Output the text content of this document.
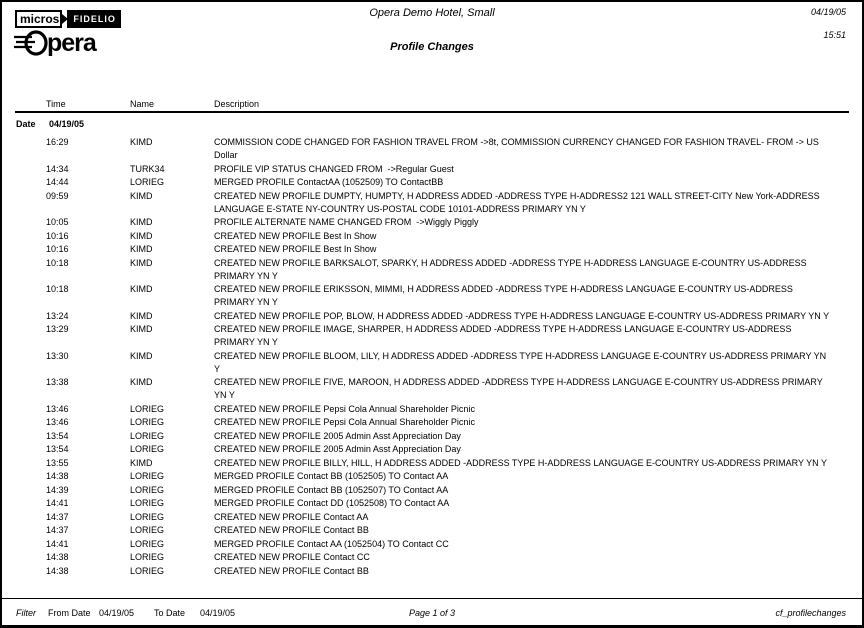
micros	FIDELIO
pera
Opera Demo Hotel, Small
Profile Changes
04/19/05
15:51
Time	Name	Description
Date 04/19/05
16:29	KIMD	COMMISSION CODE CHANGED FOR FASHION TRAVEL FROM ->8t, COMMISSION CURRENCY CHANGED FOR FASHION TRAVEL- FROM -> US Dollar
14:34	TURK34	PROFILE VIP STATUS CHANGED FROM  ->Regular Guest
14:44	LORIEG	MERGED PROFILE ContactAA (1052509) TO ContactBB
09:59	KIMD	CREATED NEW PROFILE DUMPTY, HUMPTY, H ADDRESS ADDED -ADDRESS TYPE H-ADDRESS2 121 WALL STREET-CITY New York-ADDRESS LANGUAGE E-STATE NY-COUNTRY US-POSTAL CODE 10101-ADDRESS PRIMARY YN Y
10:05	KIMD	PROFILE ALTERNATE NAME CHANGED FROM  ->Wiggly Piggly
10:16	KIMD	CREATED NEW PROFILE Best In Show
10:16	KIMD	CREATED NEW PROFILE Best In Show
10:18	KIMD	CREATED NEW PROFILE BARKSALOT, SPARKY, H ADDRESS ADDED -ADDRESS TYPE H-ADDRESS LANGUAGE E-COUNTRY US-ADDRESS PRIMARY YN Y
10:18	KIMD	CREATED NEW PROFILE ERIKSSON, MIMMI, H ADDRESS ADDED -ADDRESS TYPE H-ADDRESS LANGUAGE E-COUNTRY US-ADDRESS PRIMARY YN Y
13:24	KIMD	CREATED NEW PROFILE POP, BLOW, H ADDRESS ADDED -ADDRESS TYPE H-ADDRESS LANGUAGE E-COUNTRY US-ADDRESS PRIMARY YN Y
13:29	KIMD	CREATED NEW PROFILE IMAGE, SHARPER, H ADDRESS ADDED -ADDRESS TYPE H-ADDRESS LANGUAGE E-COUNTRY US-ADDRESS PRIMARY YN Y
13:30	KIMD	CREATED NEW PROFILE BLOOM, LILY, H ADDRESS ADDED -ADDRESS TYPE H-ADDRESS LANGUAGE E-COUNTRY US-ADDRESS PRIMARY YN Y
13:38	KIMD	CREATED NEW PROFILE FIVE, MAROON, H ADDRESS ADDED -ADDRESS TYPE H-ADDRESS LANGUAGE E-COUNTRY US-ADDRESS PRIMARY YN Y
13:46	LORIEG	CREATED NEW PROFILE Pepsi Cola Annual Shareholder Picnic
13:46	LORIEG	CREATED NEW PROFILE Pepsi Cola Annual Shareholder Picnic
13:54	LORIEG	CREATED NEW PROFILE 2005 Admin Asst Appreciation Day
13:54	LORIEG	CREATED NEW PROFILE 2005 Admin Asst Appreciation Day
13:55	KIMD	CREATED NEW PROFILE BILLY, HILL, H ADDRESS ADDED -ADDRESS TYPE H-ADDRESS LANGUAGE E-COUNTRY US-ADDRESS PRIMARY YN Y
14:38	LORIEG	MERGED PROFILE Contact BB (1052505) TO Contact AA
14:39	LORIEG	MERGED PROFILE Contact BB (1052507) TO Contact AA
14:41	LORIEG	MERGED PROFILE Contact DD (1052508) TO Contact AA
14:37	LORIEG	CREATED NEW PROFILE Contact AA
14:37	LORIEG	CREATED NEW PROFILE Contact BB
14:41	LORIEG	MERGED PROFILE Contact AA (1052504) TO Contact CC
14:38	LORIEG	CREATED NEW PROFILE Contact CC
14:38	LORIEG	CREATED NEW PROFILE Contact BB
Filter From Date 04/19/05 To Date 04/19/05	Page 1 of 3	cf_profilechanges
